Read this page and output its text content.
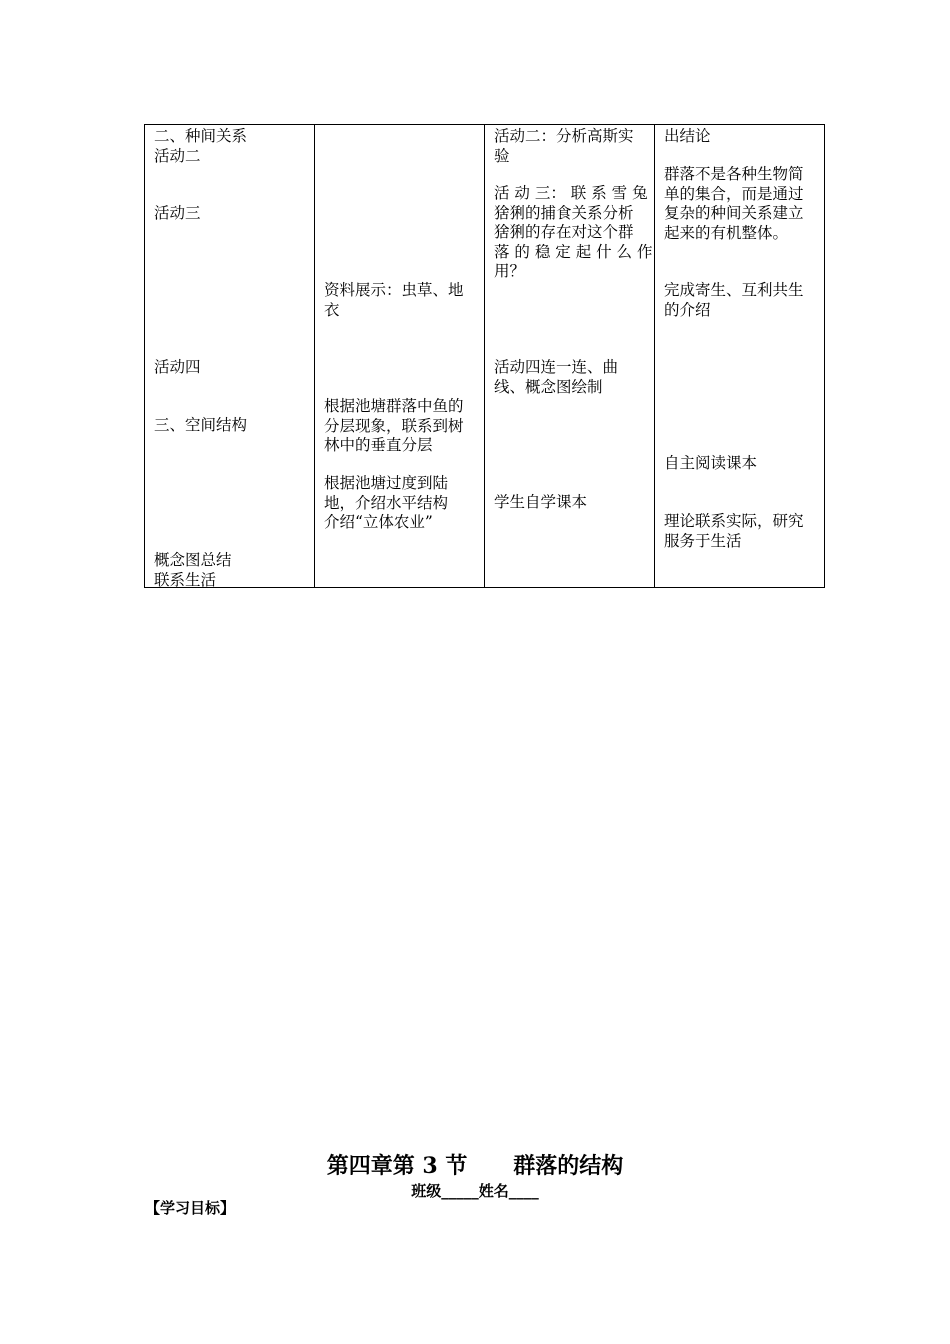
二、种间关系
活动二
活动三
活动四
三、空间结构
概念图总结
联系生活
资料展示：虫草、地
衣
根据池塘群落中鱼的
分层现象，联系到树
林中的垂直分层
根据池塘过度到陆
地，介绍水平结构
介绍“立体农业”
活动二：分析高斯实
验
活 动 三： 联 系 雪 兔
猞猁的捕食关系分析
猞猁的存在对这个群
落 的 稳 定 起 什 么 作
用？
活动四连一连、曲
线、概念图绘制
学生自学课本
出结论
群落不是各种生物简
单的集合，而是通过
复杂的种间关系建立
起来的有机整体。
完成寄生、互利共生
的介绍
自主阅读课本
理论联系实际，研究
服务于生活
第四章第 3 节      群落的结构
班级_____姓名____
【学习目标】
